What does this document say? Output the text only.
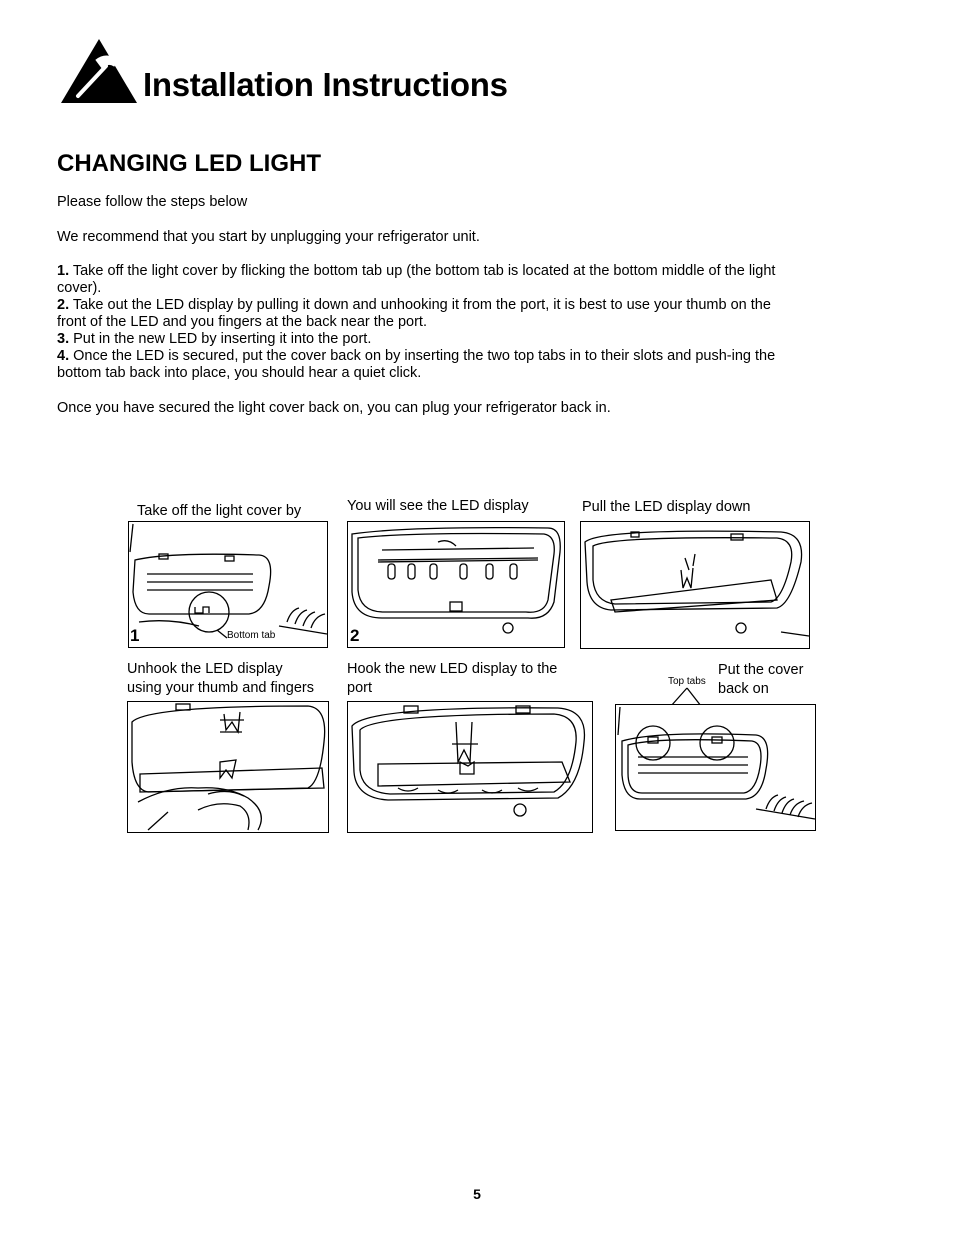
Installation Instructions
CHANGING LED LIGHT
Please follow the steps below
We recommend that you start by unplugging your refrigerator unit.
1. Take off the light cover by flicking the bottom tab up (the bottom tab is located at the bottom middle of the light cover).
2. Take out the LED display by pulling it down and unhooking it from the port, it is best to use your thumb on the front of the LED and you fingers at the back near the port.
3. Put in the new LED by inserting it into the port.
4. Once the LED is secured, put the cover back on by inserting the two top tabs in to their slots and push-ing the bottom tab back into place, you should hear a quiet click.
Once you have secured the light cover back on, you can plug your refrigerator back in.
Take off the light cover by
1	Bottom tab
You will see the LED display
2
Pull the LED display down
Unhook the LED display
using your thumb and fingers
Hook the new LED display to the
port
Put the cover
back on
Top tabs
5
